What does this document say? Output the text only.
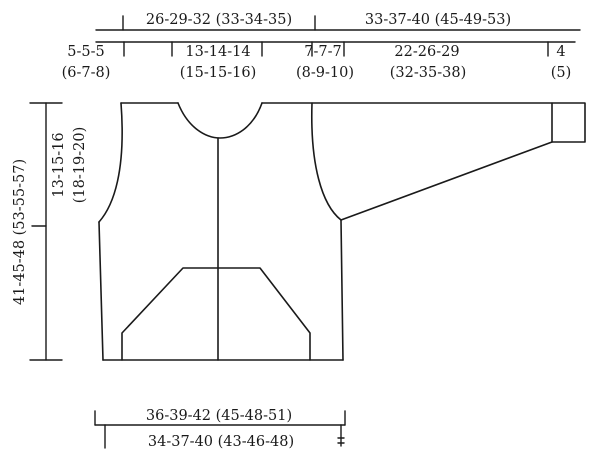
26-29-32 (33-34-35)	33-37-40 (45-49-53)
5-5-5
(6-7-8)
13-14-14
(15-15-16)
7-7-7
(8-9-10)
22-26-29
(32-35-38)
4
(5)
41-45-48 (53-55-57) 13-15-16 (18-19-20)
36-39-42 (45-48-51)
34-37-40 (43-46-48)
